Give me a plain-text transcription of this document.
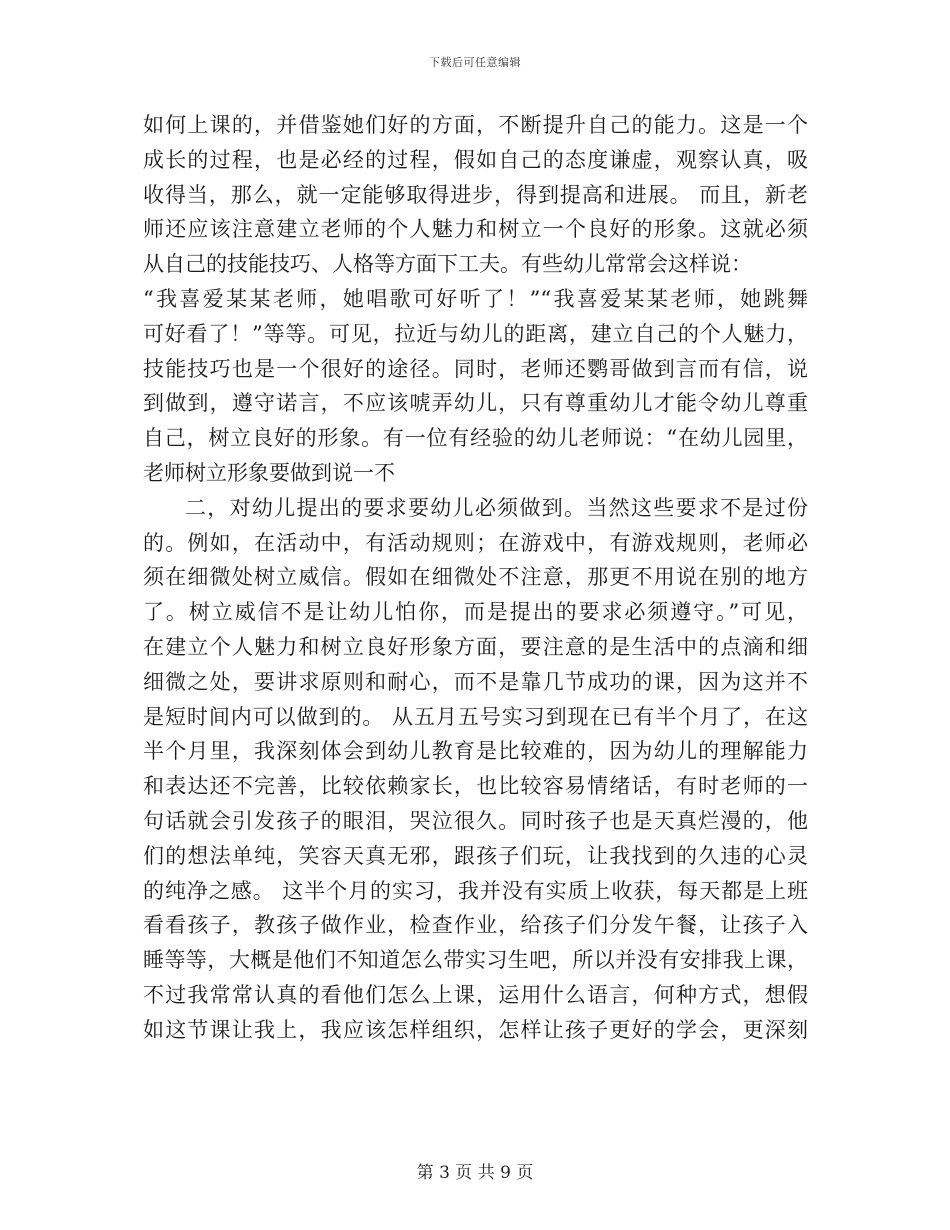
下载后可任意编辑
如何上课的，并借鉴她们好的方面，不断提升自己的能力。这是一个
成长的过程，也是必经的过程，假如自己的态度谦虚，观察认真，吸
收得当，那么，就一定能够取得进步，得到提高和进展。 而且，新老
师还应该注意建立老师的个人魅力和树立一个良好的形象。这就必须
从自己的技能技巧、人格等方面下工夫。有些幼儿常常会这样说：
“我喜爱某某老师，她唱歌可好听了！”“我喜爱某某老师，她跳舞
可好看了！”等等。可见，拉近与幼儿的距离，建立自己的个人魅力，
技能技巧也是一个很好的途径。同时，老师还鹦哥做到言而有信，说
到做到，遵守诺言，不应该唬弄幼儿，只有尊重幼儿才能令幼儿尊重
自己，树立良好的形象。有一位有经验的幼儿老师说：“在幼儿园里，
老师树立形象要做到说一不
二，对幼儿提出的要求要幼儿必须做到。当然这些要求不是过份
的。例如，在活动中，有活动规则；在游戏中，有游戏规则，老师必
须在细微处树立威信。假如在细微处不注意，那更不用说在别的地方
了。树立威信不是让幼儿怕你，而是提出的要求必须遵守。”可见，
在建立个人魅力和树立良好形象方面，要注意的是生活中的点滴和细
细微之处，要讲求原则和耐心，而不是靠几节成功的课，因为这并不
是短时间内可以做到的。 从五月五号实习到现在已有半个月了，在这
半个月里，我深刻体会到幼儿教育是比较难的，因为幼儿的理解能力
和表达还不完善，比较依赖家长，也比较容易情绪话，有时老师的一
句话就会引发孩子的眼泪，哭泣很久。同时孩子也是天真烂漫的，他
们的想法单纯，笑容天真无邪，跟孩子们玩，让我找到的久违的心灵
的纯净之感。 这半个月的实习，我并没有实质上收获，每天都是上班
看看孩子，教孩子做作业，检查作业，给孩子们分发午餐，让孩子入
睡等等，大概是他们不知道怎么带实习生吧，所以并没有安排我上课，
不过我常常认真的看他们怎么上课，运用什么语言，何种方式，想假
如这节课让我上，我应该怎样组织，怎样让孩子更好的学会，更深刻
第 3 页 共 9 页
